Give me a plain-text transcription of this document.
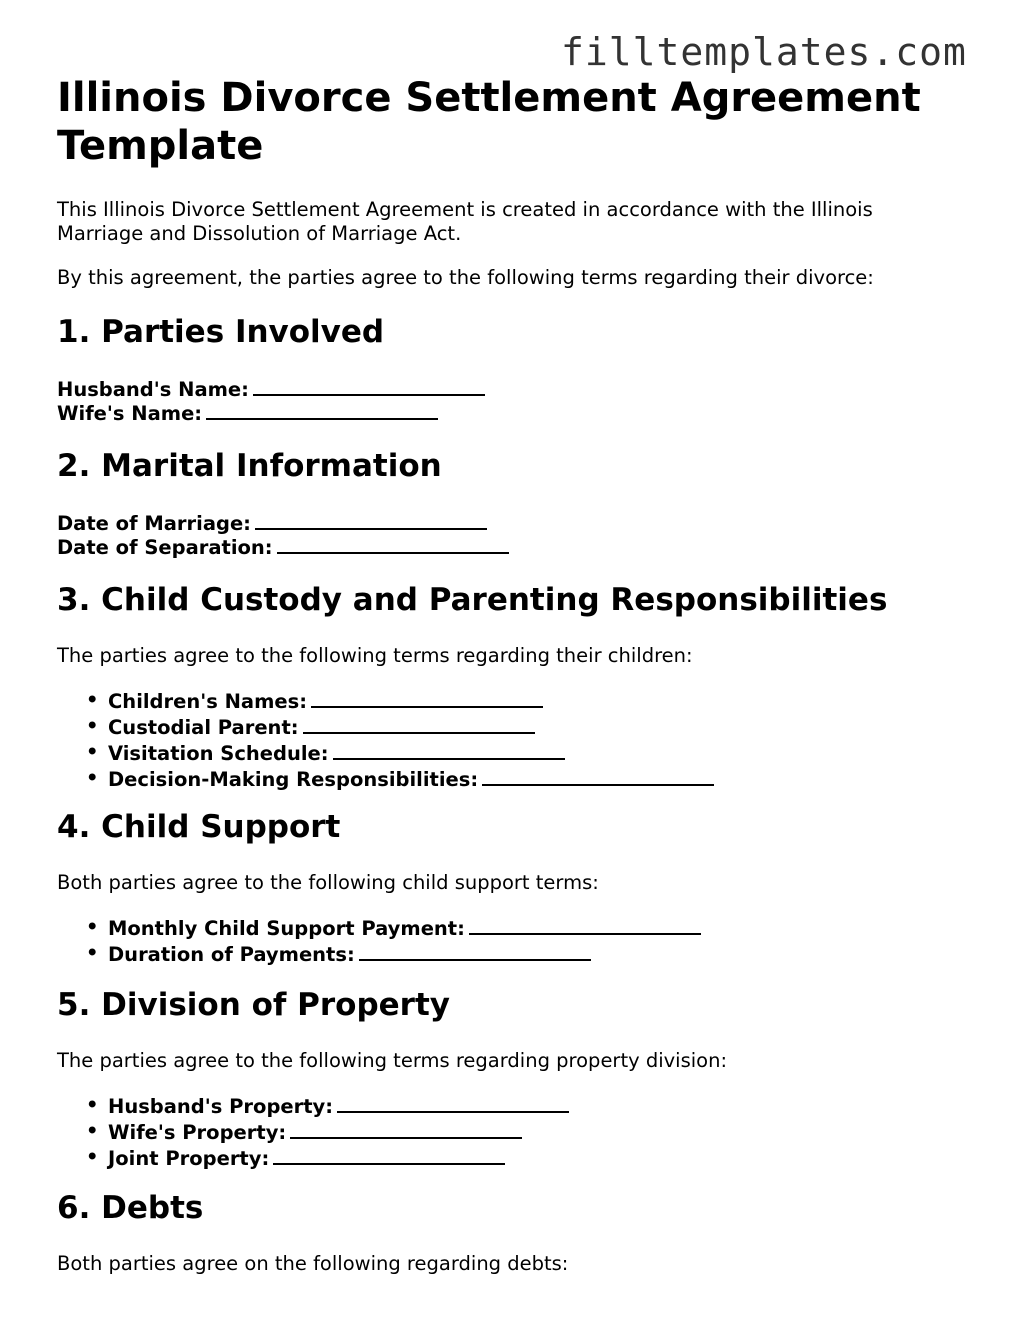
filltemplates.com
Illinois Divorce Settlement Agreement Template

This Illinois Divorce Settlement Agreement is created in accordance with the Illinois Marriage and Dissolution of Marriage Act.

By this agreement, the parties agree to the following terms regarding their divorce:

1. Parties Involved
Husband's Name:
Wife's Name:
2. Marital Information
Date of Marriage:
Date of Separation:
3. Child Custody and Parenting Responsibilities

The parties agree to the following terms regarding their children:

• Children's Names:
• Custodial Parent:
• Visitation Schedule:
• Decision-Making Responsibilities:
4. Child Support

Both parties agree to the following child support terms:

• Monthly Child Support Payment:
• Duration of Payments:
5. Division of Property

The parties agree to the following terms regarding property division:

• Husband's Property:
• Wife's Property:
• Joint Property:
6. Debts

Both parties agree on the following regarding debts:
